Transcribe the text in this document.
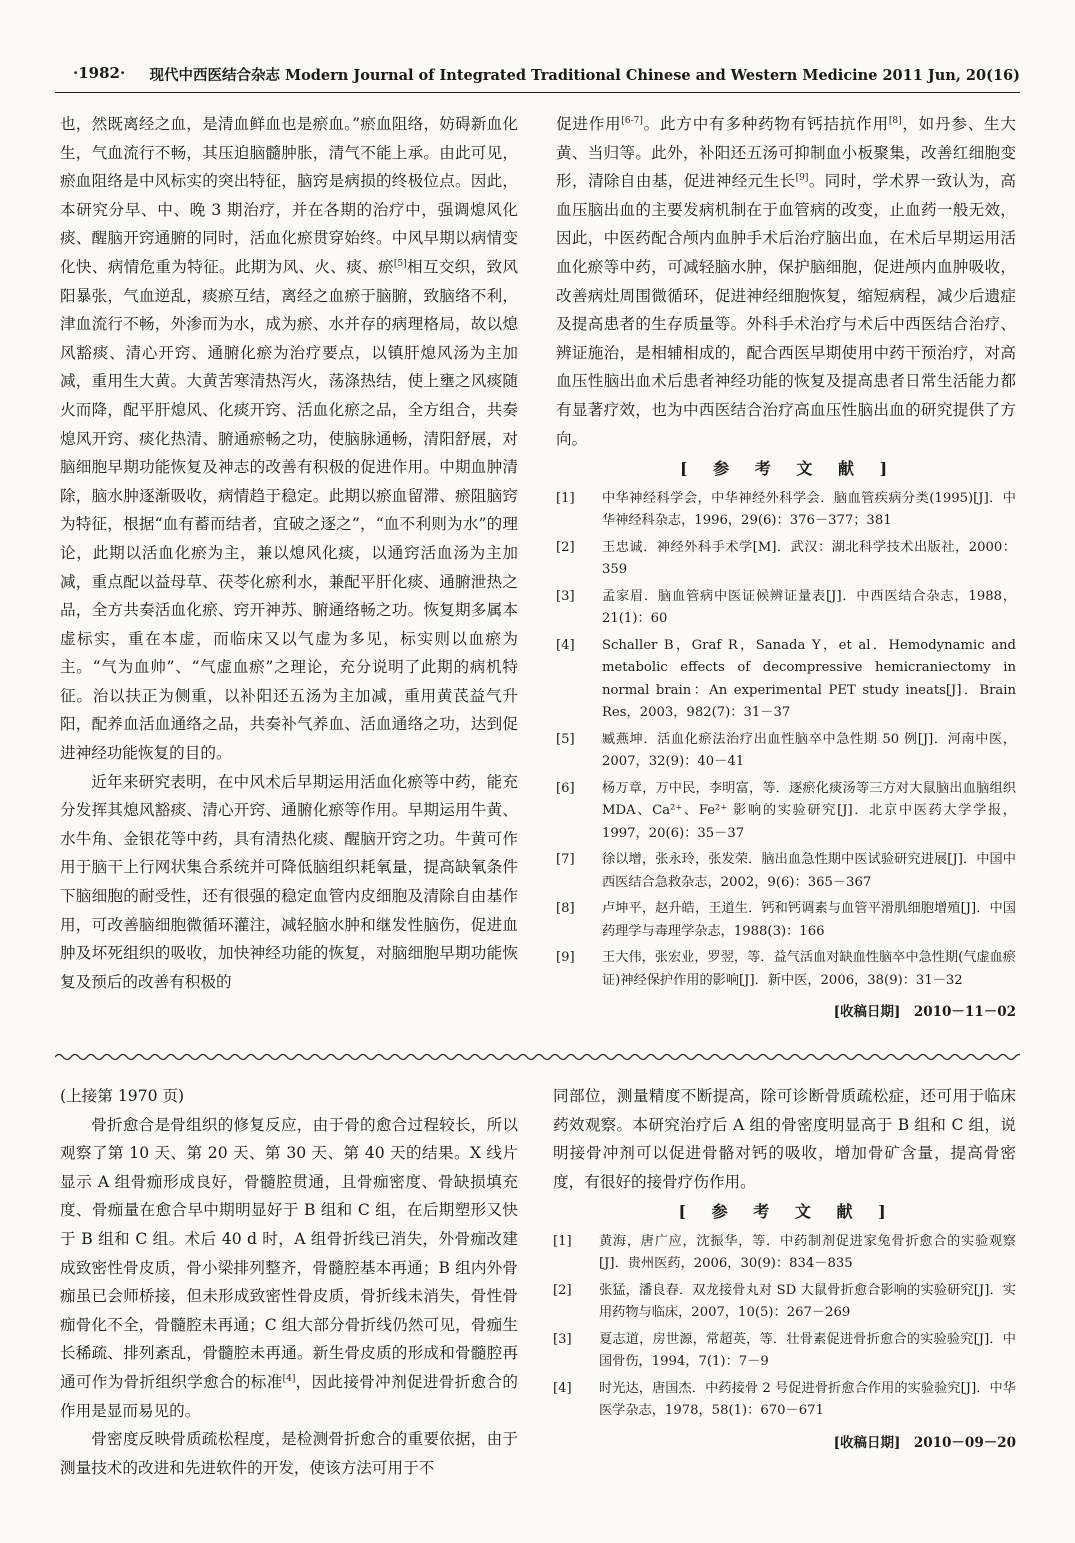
·1982· 现代中西医结合杂志 Modern Journal of Integrated Traditional Chinese and Western Medicine 2011 Jun, 20(16)

也，然既离经之血，是清血鲜血也是瘀血。”瘀血阻络，妨碍新血化生，气血流行不畅，其压迫脑髓肿胀，清气不能上承。由此可见，瘀血阻络是中风标实的突出特征，脑窍是病损的终极位点。因此，本研究分早、中、晚 3 期治疗，并在各期的治疗中，强调熄风化痰、醒脑开窍通腑的同时，活血化瘀贯穿始终。中风早期以病情变化快、病情危重为特征。此期为风、火、痰、瘀[5]相互交织，致风阳暴张，气血逆乱，痰瘀互结，离经之血瘀于脑腑，致脑络不利，津血流行不畅，外渗而为水，成为瘀、水并存的病理格局，故以熄风豁痰、清心开窍、通腑化瘀为治疗要点，以镇肝熄风汤为主加减，重用生大黄。大黄苦寒清热泻火，荡涤热结，使上壅之风痰随火而降，配平肝熄风、化痰开窍、活血化瘀之品，全方组合，共奏熄风开窍、痰化热清、腑通瘀畅之功，使脑脉通畅，清阳舒展，对脑细胞早期功能恢复及神志的改善有积极的促进作用。中期血肿清除，脑水肿逐渐吸收，病情趋于稳定。此期以瘀血留滞、瘀阻脑窍为特征，根据“血有蓄而结者，宜破之逐之”，“血不利则为水”的理论，此期以活血化瘀为主，兼以熄风化痰，以通窍活血汤为主加减，重点配以益母草、茯苓化瘀利水，兼配平肝化痰、通腑泄热之品，全方共奏活血化瘀、窍开神苏、腑通络畅之功。恢复期多属本虚标实，重在本虚，而临床又以气虚为多见，标实则以血瘀为主。“气为血帅”、“气虚血瘀”之理论，充分说明了此期的病机特征。治以扶正为侧重，以补阳还五汤为主加减，重用黄芪益气升阳，配养血活血通络之品，共奏补气养血、活血通络之功，达到促进神经功能恢复的目的。

近年来研究表明，在中风术后早期运用活血化瘀等中药，能充分发挥其熄风豁痰、清心开窍、通腑化瘀等作用。早期运用牛黄、水牛角、金银花等中药，具有清热化痰、醒脑开窍之功。牛黄可作用于脑干上行网状集合系统并可降低脑组织耗氧量，提高缺氧条件下脑细胞的耐受性，还有很强的稳定血管内皮细胞及清除自由基作用，可改善脑细胞微循环灌注，减轻脑水肿和继发性脑伤，促进血肿及坏死组织的吸收，加快神经功能的恢复，对脑细胞早期功能恢复及预后的改善有积极的

促进作用[6-7]。此方中有多种药物有钙拮抗作用[8]，如丹参、生大黄、当归等。此外，补阳还五汤可抑制血小板聚集，改善红细胞变形，清除自由基，促进神经元生长[9]。同时，学术界一致认为，高血压脑出血的主要发病机制在于血管病的改变，止血药一般无效，因此，中医药配合颅内血肿手术后治疗脑出血，在术后早期运用活血化瘀等中药，可减轻脑水肿，保护脑细胞，促进颅内血肿吸收，改善病灶周围微循环，促进神经细胞恢复，缩短病程，减少后遗症及提高患者的生存质量等。外科手术治疗与术后中西医结合治疗、辨证施治，是相辅相成的，配合西医早期使用中药干预治疗，对高血压性脑出血术后患者神经功能的恢复及提高患者日常生活能力都有显著疗效，也为中西医结合治疗高血压性脑出血的研究提供了方向。

[　参　考　文　献　]
[1]	中华神经科学会，中华神经外科学会．脑血管疾病分类(1995)[J]．中华神经科杂志，1996，29(6)：376－377；381
[2]	王忠诚．神经外科手术学[M]．武汉：湖北科学技术出版社，2000：359
[3]	孟家眉．脑血管病中医证候辨证量表[J]．中西医结合杂志，1988，21(1)：60
[4]	Schaller B，Graf R，Sanada Y，et al．Hemodynamic and metabolic effects of decompressive hemicraniectomy in normal brain：An experimental PET study ineats[J]．Brain Res，2003，982(7)：31－37
[5]	臧燕坤．活血化瘀法治疗出血性脑卒中急性期 50 例[J]．河南中医，2007，32(9)：40－41
[6]	杨万章，万中民，李明富，等．逐瘀化痰汤等三方对大鼠脑出血脑组织 MDA、Ca²⁺、Fe²⁺ 影响的实验研究[J]．北京中医药大学学报，1997，20(6)：35－37
[7]	徐以增，张永玲，张发荣．脑出血急性期中医试验研究进展[J]．中国中西医结合急救杂志，2002，9(6)：365－367
[8]	卢坤平，赵升皓，王道生．钙和钙调素与血管平滑肌细胞增殖[J]．中国药理学与毒理学杂志，1988(3)：166
[9]	王大伟，张宏业，罗翌，等．益气活血对缺血性脑卒中急性期(气虚血瘀证)神经保护作用的影响[J]．新中医，2006，38(9)：31－32
[收稿日期]　2010－11－02

(上接第 1970 页)

骨折愈合是骨组织的修复反应，由于骨的愈合过程较长，所以观察了第 10 天、第 20 天、第 30 天、第 40 天的结果。X 线片显示 A 组骨痂形成良好，骨髓腔贯通，且骨痂密度、骨缺损填充度、骨痂量在愈合早中期明显好于 B 组和 C 组，在后期塑形又快于 B 组和 C 组。术后 40 d 时，A 组骨折线已消失，外骨痂改建成致密性骨皮质，骨小梁排列整齐，骨髓腔基本再通；B 组内外骨痂虽已会师桥接，但未形成致密性骨皮质，骨折线未消失，骨性骨痂骨化不全，骨髓腔未再通；C 组大部分骨折线仍然可见，骨痂生长稀疏、排列紊乱，骨髓腔未再通。新生骨皮质的形成和骨髓腔再通可作为骨折组织学愈合的标准[4]，因此接骨冲剂促进骨折愈合的作用是显而易见的。

骨密度反映骨质疏松程度，是检测骨折愈合的重要依据，由于测量技术的改进和先进软件的开发，使该方法可用于不

同部位，测量精度不断提高，除可诊断骨质疏松症，还可用于临床药效观察。本研究治疗后 A 组的骨密度明显高于 B 组和 C 组，说明接骨冲剂可以促进骨骼对钙的吸收，增加骨矿含量，提高骨密度，有很好的接骨疗伤作用。

[　参　考　文　献　]
[1]	黄海，唐广应，沈振华，等．中药制剂促进家兔骨折愈合的实验观察[J]．贵州医药，2006，30(9)：834－835
[2]	张猛，潘良春．双龙接骨丸对 SD 大鼠骨折愈合影响的实验研究[J]．实用药物与临床，2007，10(5)：267－269
[3]	夏志道，房世源，常超英，等．壮骨素促进骨折愈合的实验验究[J]．中国骨伤，1994，7(1)：7－9
[4]	时光达，唐国杰．中药接骨 2 号促进骨折愈合作用的实验验究[J]．中华医学杂志，1978，58(1)：670－671
[收稿日期]　2010－09－20
